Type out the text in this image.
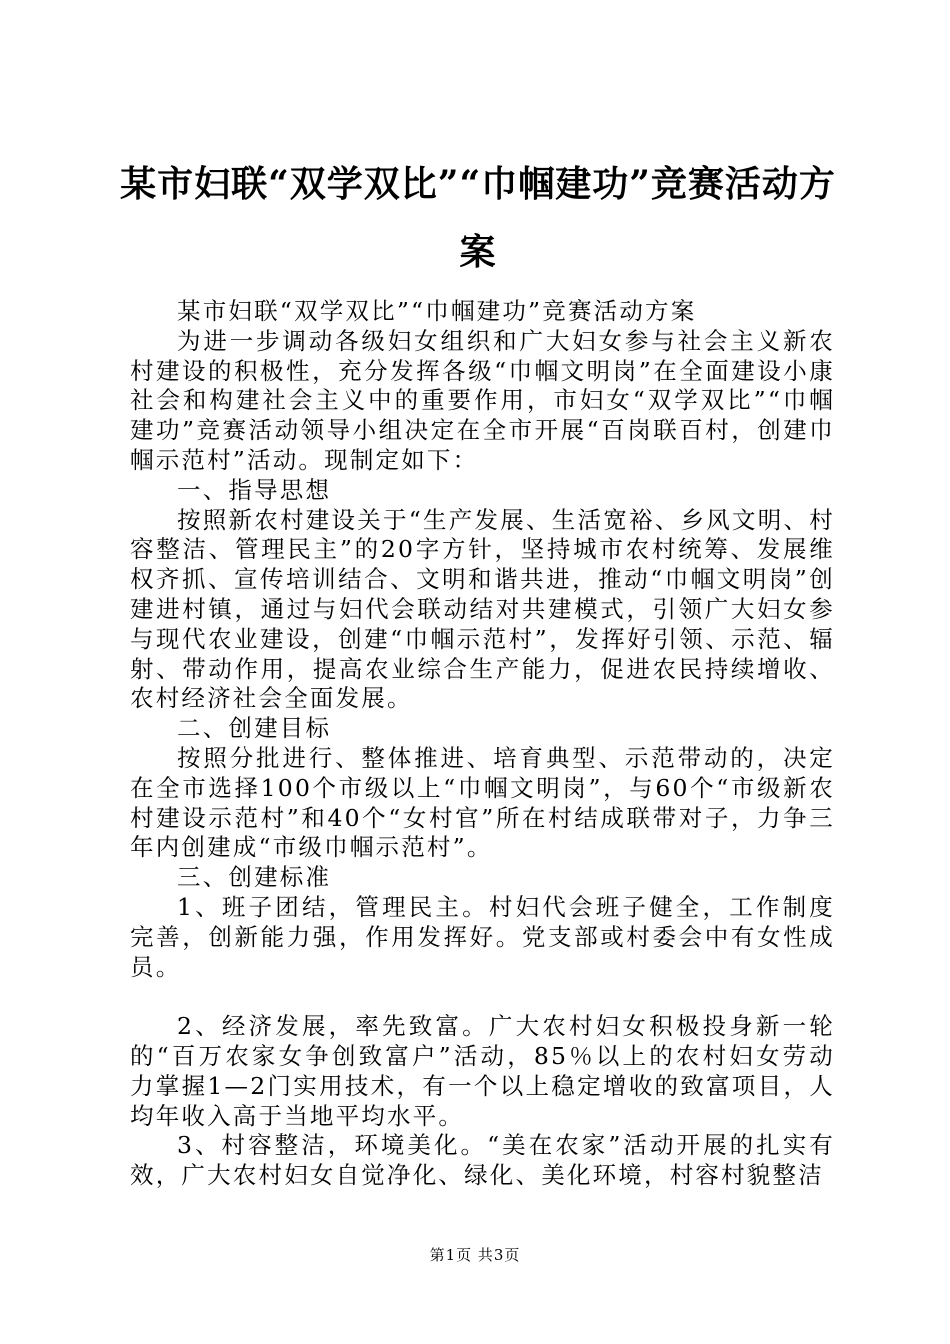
某市妇联“双学双比”“巾帼建功”竞赛活动方案

某市妇联“双学双比”“巾帼建功”竞赛活动方案

为进一步调动各级妇女组织和广大妇女参与社会主义新农村建设的积极性，充分发挥各级“巾帼文明岗”在全面建设小康社会和构建社会主义中的重要作用，市妇女“双学双比”“巾帼建功”竞赛活动领导小组决定在全市开展“百岗联百村，创建巾帼示范村”活动。现制定如下：

一、指导思想

按照新农村建设关于“生产发展、生活宽裕、乡风文明、村容整洁、管理民主”的20字方针，坚持城市农村统筹、发展维权齐抓、宣传培训结合、文明和谐共进，推动“巾帼文明岗”创建进村镇，通过与妇代会联动结对共建模式，引领广大妇女参与现代农业建设，创建“巾帼示范村”，发挥好引领、示范、辐射、带动作用，提高农业综合生产能力，促进农民持续增收、农村经济社会全面发展。

二、创建目标

按照分批进行、整体推进、培育典型、示范带动的，决定在全市选择100个市级以上“巾帼文明岗”，与60个“市级新农村建设示范村”和40个“女村官”所在村结成联带对子，力争三年内创建成“市级巾帼示范村”。

三、创建标准

1、班子团结，管理民主。村妇代会班子健全，工作制度完善，创新能力强，作用发挥好。党支部或村委会中有女性成员。

2、经济发展，率先致富。广大农村妇女积极投身新一轮的“百万农家女争创致富户”活动，85％以上的农村妇女劳动力掌握1—2门实用技术，有一个以上稳定增收的致富项目，人均年收入高于当地平均水平。

3、村容整洁，环境美化。“美在农家”活动开展的扎实有效，广大农村妇女自觉净化、绿化、美化环境，村容村貌整洁

第1页 共3页
